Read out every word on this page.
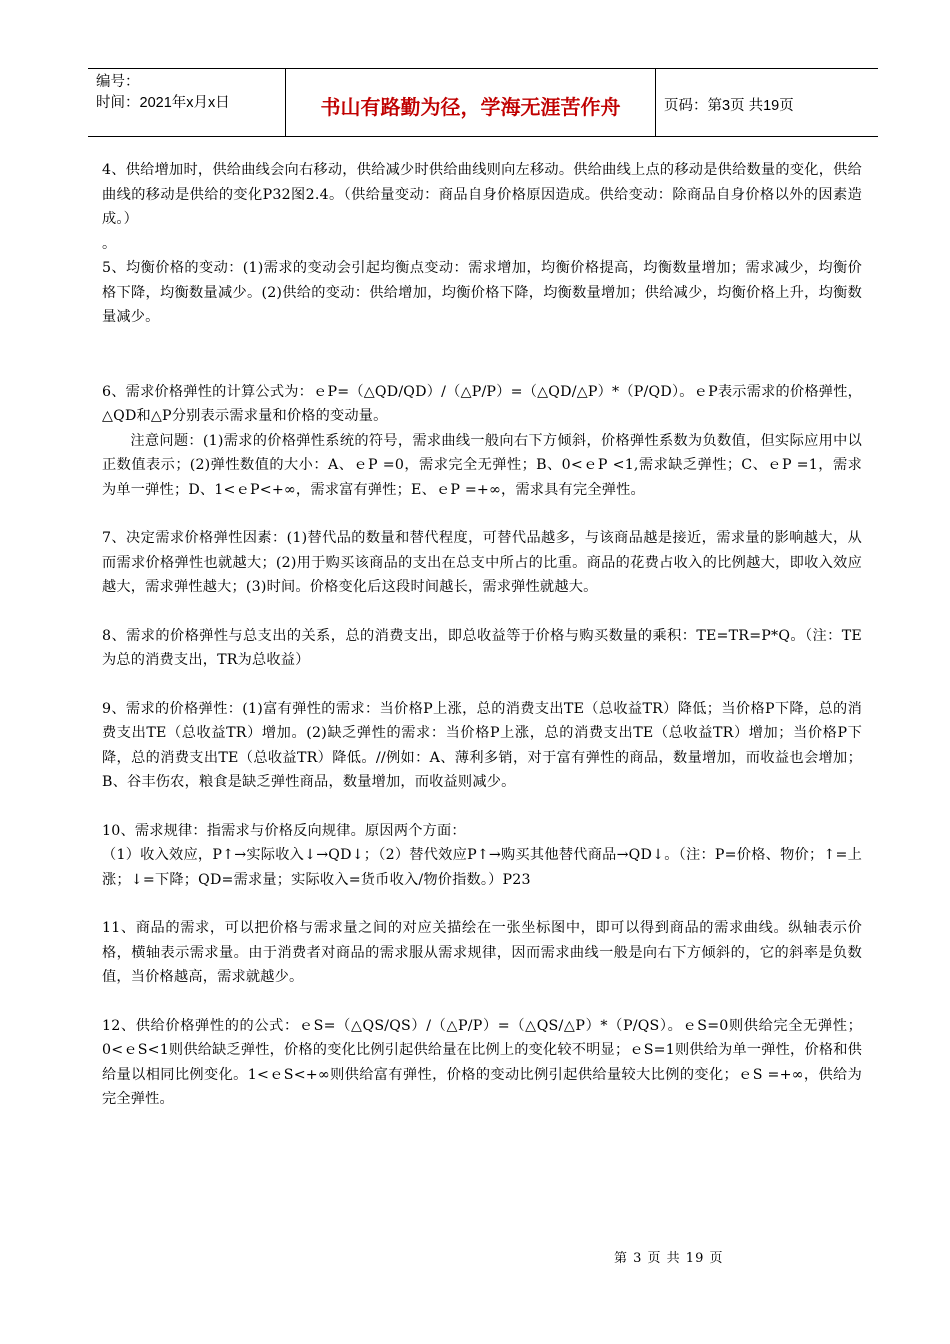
编号：
时间：2021年x月x日	书山有路勤为径，学海无涯苦作舟	页码：第3页 共19页

4、供给增加时，供给曲线会向右移动，供给减少时供给曲线则向左移动。供给曲线上点的移动是供给数量的变化，供给曲线的移动是供给的变化P32图2.4。（供给量变动：商品自身价格原因造成。供给变动：除商品自身价格以外的因素造成。）

。

5、均衡价格的变动：(1)需求的变动会引起均衡点变动：需求增加，均衡价格提高，均衡数量增加；需求减少，均衡价格下降，均衡数量减少。(2)供给的变动：供给增加，均衡价格下降，均衡数量增加；供给减少，均衡价格上升，均衡数量减少。

6、需求价格弹性的计算公式为：ｅP=（△QD/QD）/（△P/P）=（△QD/△P）*（P/QD）。ｅP表示需求的价格弹性，△QD和△P分别表示需求量和价格的变动量。

注意问题：(1)需求的价格弹性系统的符号，需求曲线一般向右下方倾斜，价格弹性系数为负数值，但实际应用中以正数值表示；(2)弹性数值的大小：A、ｅP =0，需求完全无弹性；B、0<ｅP <1,需求缺乏弹性；C、ｅP =1，需求为单一弹性；D、1<ｅP<+∞，需求富有弹性；E、ｅP =+∞，需求具有完全弹性。

7、决定需求价格弹性因素：(1)替代品的数量和替代程度，可替代品越多，与该商品越是接近，需求量的影响越大，从而需求价格弹性也就越大；(2)用于购买该商品的支出在总支中所占的比重。商品的花费占收入的比例越大，即收入效应越大，需求弹性越大；(3)时间。价格变化后这段时间越长，需求弹性就越大。

8、需求的价格弹性与总支出的关系，总的消费支出，即总收益等于价格与购买数量的乘积：TE=TR=P*Q。（注：TE为总的消费支出，TR为总收益）

9、需求的价格弹性：(1)富有弹性的需求：当价格P上涨，总的消费支出TE（总收益TR）降低；当价格P下降，总的消费支出TE（总收益TR）增加。(2)缺乏弹性的需求：当价格P上涨，总的消费支出TE（总收益TR）增加；当价格P下降，总的消费支出TE（总收益TR）降低。//例如：A、薄利多销，对于富有弹性的商品，数量增加，而收益也会增加；B、谷丰伤农，粮食是缺乏弹性商品，数量增加，而收益则减少。

10、需求规律：指需求与价格反向规律。原因两个方面：

（1）收入效应，P↑→实际收入↓→QD↓；（2）替代效应P↑→购买其他替代商品→QD↓。（注：P=价格、物价；↑=上涨；↓=下降；QD=需求量；实际收入=货币收入/物价指数。）P23

11、商品的需求，可以把价格与需求量之间的对应关描绘在一张坐标图中，即可以得到商品的需求曲线。纵轴表示价格，横轴表示需求量。由于消费者对商品的需求服从需求规律，因而需求曲线一般是向右下方倾斜的，它的斜率是负数值，当价格越高，需求就越少。

12、供给价格弹性的的公式：ｅS=（△QS/QS）/（△P/P）=（△QS/△P）*（P/QS）。ｅS=0则供给完全无弹性；0<ｅS<1则供给缺乏弹性，价格的变化比例引起供给量在比例上的变化较不明显；ｅS=1则供给为单一弹性，价格和供给量以相同比例变化。1<ｅS<+∞则供给富有弹性，价格的变动比例引起供给量较大比例的变化；ｅS =+∞，供给为完全弹性。

第 3 页 共 19 页
